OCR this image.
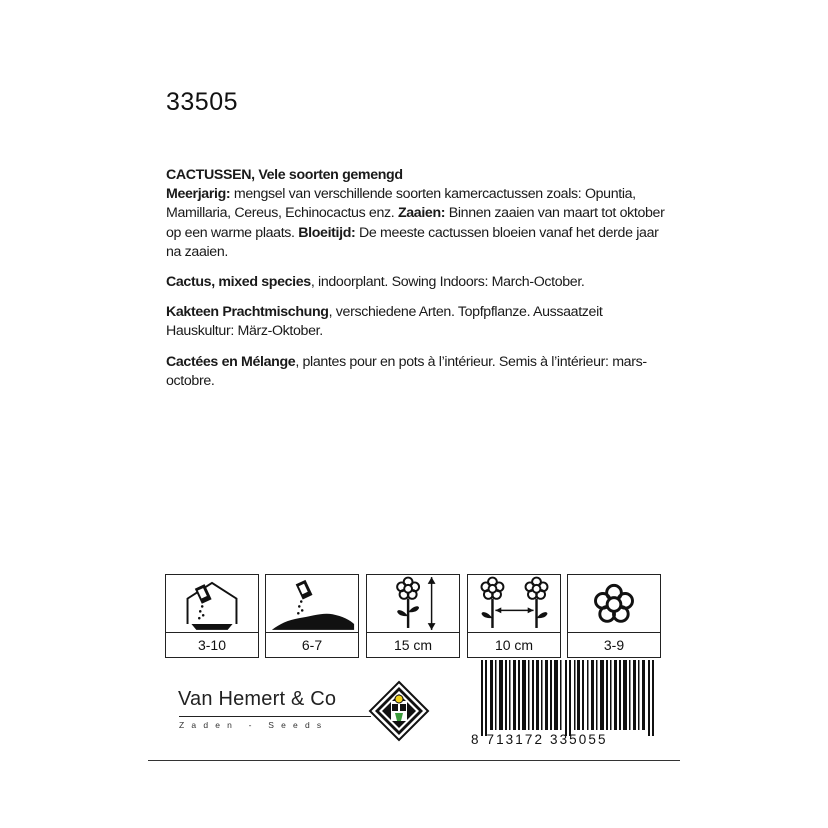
33505

CACTUSSEN, Vele soorten gemengd
Meerjarig: mengsel van verschillende soorten kamercactussen zoals: Opuntia, Mamillaria, Cereus, Echinocactus enz. Zaaien: Binnen zaaien van maart tot oktober op een warme plaats. Bloeitijd: De meeste cactussen bloeien vanaf het derde jaar na zaaien.

Cactus, mixed species, indoorplant. Sowing Indoors: March-October.

Kakteen Prachtmischung, verschiedene Arten. Topfpflanze. Aussaatzeit Hauskultur: März-Oktober.

Cactées en Mélange, plantes pour en pots à l’intérieur. Semis à l’intérieur: mars-octobre.

3-10	6-7	15 cm	10 cm	3-9
Van Hemert & Co
Zaden - Seeds
8 713172 335055
